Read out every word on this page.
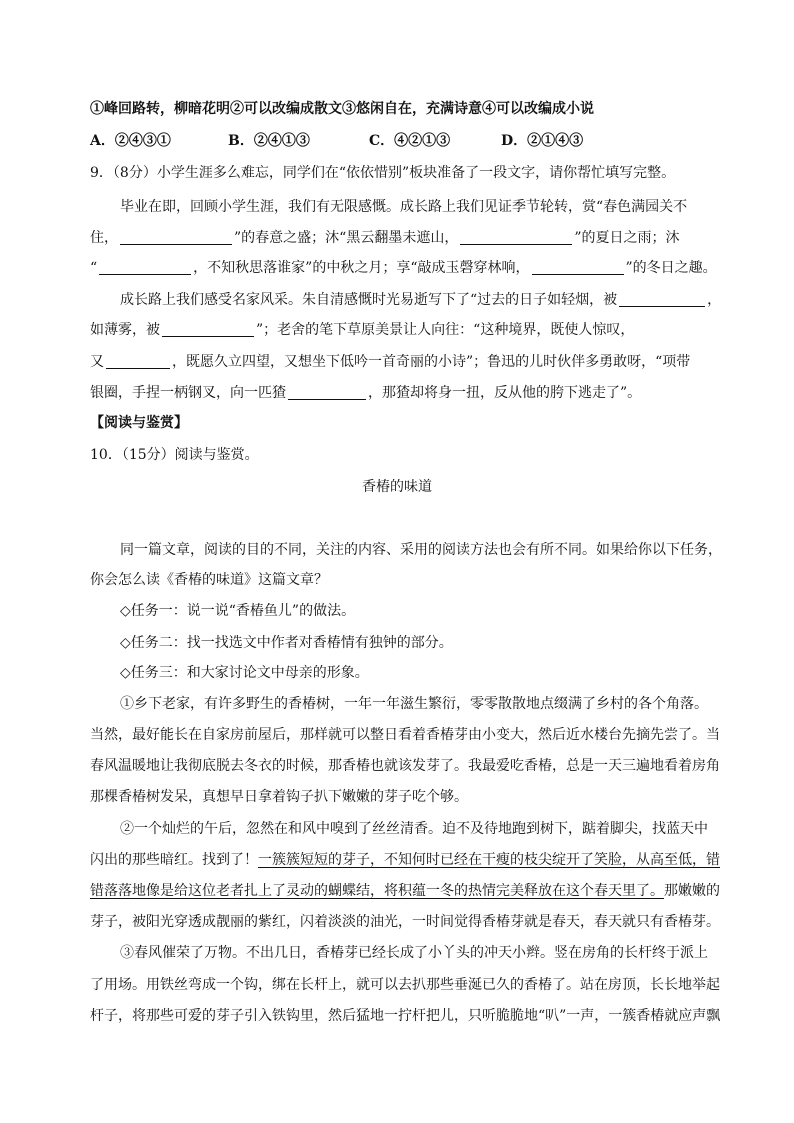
①峰回路转，柳暗花明②可以改编成散文③悠闲自在，充满诗意④可以改编成小说
A．②④③①	B．②④①③	C．④②①③	D．②①④③
9．（8分）小学生涯多么难忘，同学们在“依依惜别”板块准备了一段文字，请你帮忙填写完整。
毕业在即，回顾小学生涯，我们有无限感慨。成长路上我们见证季节轮转，赏“春色满园关不
住，	”的春意之盛；沐“黑云翻墨未遮山，	”的夏日之雨；沐
“	，不知秋思落谁家”的中秋之月；享“敲成玉磬穿林响，	”的冬日之趣。
成长路上我们感受名家风采。朱自清感慨时光易逝写下了“过去的日子如轻烟，被	，
如薄雾，被	”；老舍的笔下草原美景让人向往：“这种境界，既使人惊叹，
又	，既愿久立四望，又想坐下低吟一首奇丽的小诗”；鲁迅的儿时伙伴多勇敢呀，“项带
银圈，手捏一柄钢叉，向一匹猹	，那猹却将身一扭，反从他的胯下逃走了”。
【阅读与鉴赏】
10．（15分）阅读与鉴赏。
香椿的味道
同一篇文章，阅读的目的不同，关注的内容、采用的阅读方法也会有所不同。如果给你以下任务，
你会怎么读《香椿的味道》这篇文章？
◇任务一：说一说“香椿鱼儿”的做法。
◇任务二：找一找选文中作者对香椿情有独钟的部分。
◇任务三：和大家讨论文中母亲的形象。
①乡下老家，有许多野生的香椿树，一年一年滋生繁衍，零零散散地点缀满了乡村的各个角落。
当然，最好能长在自家房前屋后，那样就可以整日看着香椿芽由小变大，然后近水楼台先摘先尝了。当
春风温暖地让我彻底脱去冬衣的时候，那香椿也就该发芽了。我最爱吃香椿，总是一天三遍地看着房角
那棵香椿树发呆，真想早日拿着钩子扒下嫩嫩的芽子吃个够。
②一个灿烂的午后，忽然在和风中嗅到了丝丝清香。迫不及待地跑到树下，踮着脚尖，找蓝天中
闪出的那些暗红。找到了！一簇簇短短的芽子，不知何时已经在干瘦的枝尖绽开了笑脸，从高至低，错
错落落地像是给这位老者扎上了灵动的蝴蝶结，将积蕴一冬的热情完美释放在这个春天里了。那嫩嫩的
芽子，被阳光穿透成靓丽的紫红，闪着淡淡的油光，一时间觉得香椿芽就是春天，春天就只有香椿芽。
③春风催荣了万物。不出几日，香椿芽已经长成了小丫头的冲天小辫。竖在房角的长杆终于派上
了用场。用铁丝弯成一个钩，绑在长杆上，就可以去扒那些垂涎已久的香椿了。站在房顶，长长地举起
杆子，将那些可爱的芽子引入铁钩里，然后猛地一拧杆把儿，只听脆脆地“叭”一声，一簇香椿就应声飘
